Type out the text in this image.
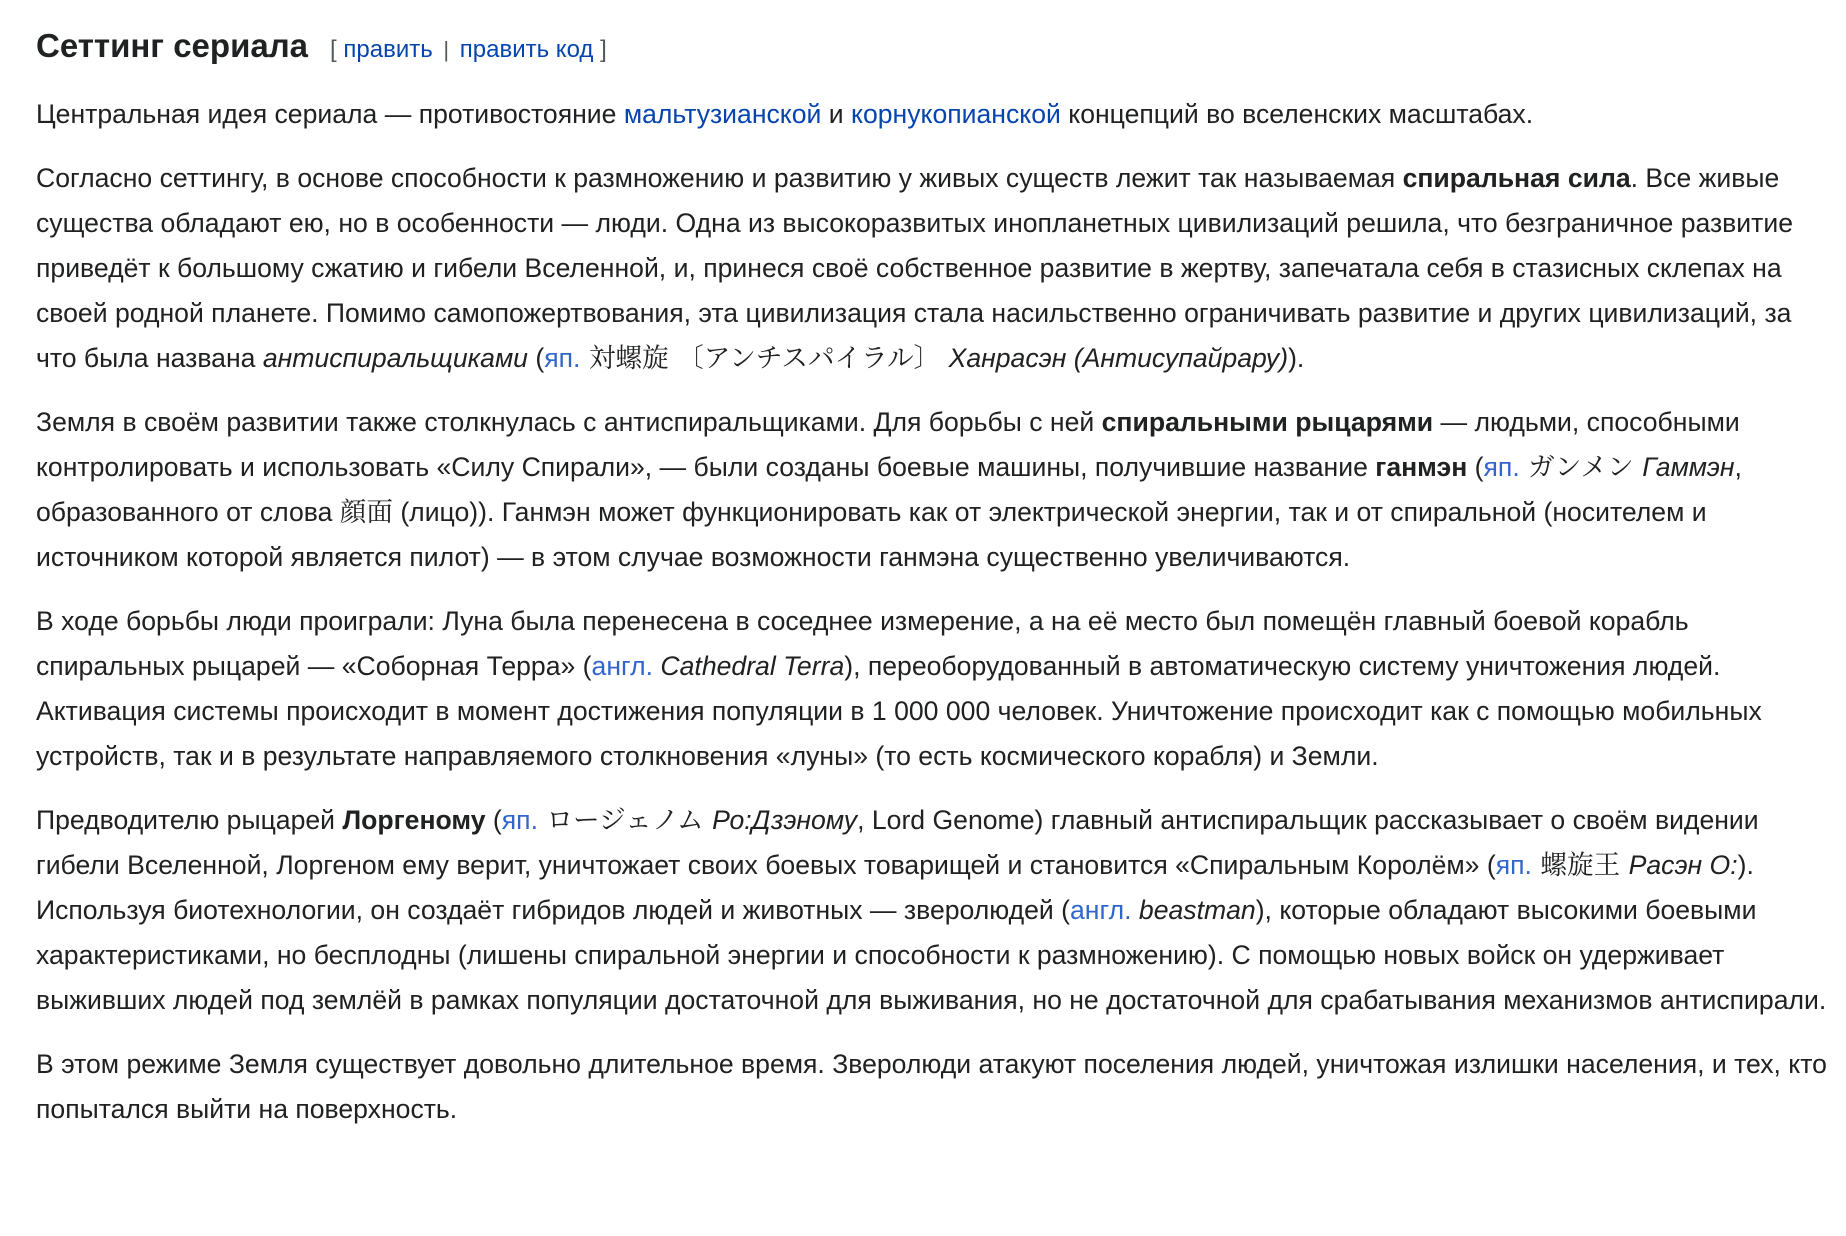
Сеттинг сериала [ править | править код ]

Центральная идея сериала — противостояние мальтузианской и корнукопианской концепций во вселенских масштабах.

Согласно сеттингу, в основе способности к размножению и развитию у живых существ лежит так называемая спиральная сила. Все живые существа обладают ею, но в особенности — люди. Одна из высокоразвитых инопланетных цивилизаций решила, что безграничное развитие приведёт к большому сжатию и гибели Вселенной, и, принеся своё собственное развитие в жертву, запечатала себя в стазисных склепах на своей родной планете. Помимо самопожертвования, эта цивилизация стала насильственно ограничивать развитие и других цивилизаций, за что была названа антиспиральщиками (яп. 対螺旋 〔アンチスパイラル〕 Ханрасэн (Антисупайрару)).

Земля в своём развитии также столкнулась с антиспиральщиками. Для борьбы с ней спиральными рыцарями — людьми, способными контролировать и использовать «Силу Спирали», — были созданы боевые машины, получившие название ганмэн (яп. ガンメン Гаммэн, образованного от слова 顔面 (лицо)). Ганмэн может функционировать как от электрической энергии, так и от спиральной (носителем и источником которой является пилот) — в этом случае возможности ганмэна существенно увеличиваются.

В ходе борьбы люди проиграли: Луна была перенесена в соседнее измерение, а на её место был помещён главный боевой корабль спиральных рыцарей — «Соборная Терра» (англ. Cathedral Terra), переоборудованный в автоматическую систему уничтожения людей. Активация системы происходит в момент достижения популяции в 1 000 000 человек. Уничтожение происходит как с помощью мобильных устройств, так и в результате направляемого столкновения «луны» (то есть космического корабля) и Земли.

Предводителю рыцарей Лоргеному (яп. ロージェノム Ро:Дзэному, Lord Genome) главный антиспиральщик рассказывает о своём видении гибели Вселенной, Лоргеном ему верит, уничтожает своих боевых товарищей и становится «Спиральным Королём» (яп. 螺旋王 Расэн О:). Используя биотехнологии, он создаёт гибридов людей и животных — зверолюдей (англ. beastman), которые обладают высокими боевыми характеристиками, но бесплодны (лишены спиральной энергии и способности к размножению). С помощью новых войск он удерживает выживших людей под землёй в рамках популяции достаточной для выживания, но не достаточной для срабатывания механизмов антиспирали.

В этом режиме Земля существует довольно длительное время. Зверолюди атакуют поселения людей, уничтожая излишки населения, и тех, кто попытался выйти на поверхность.
